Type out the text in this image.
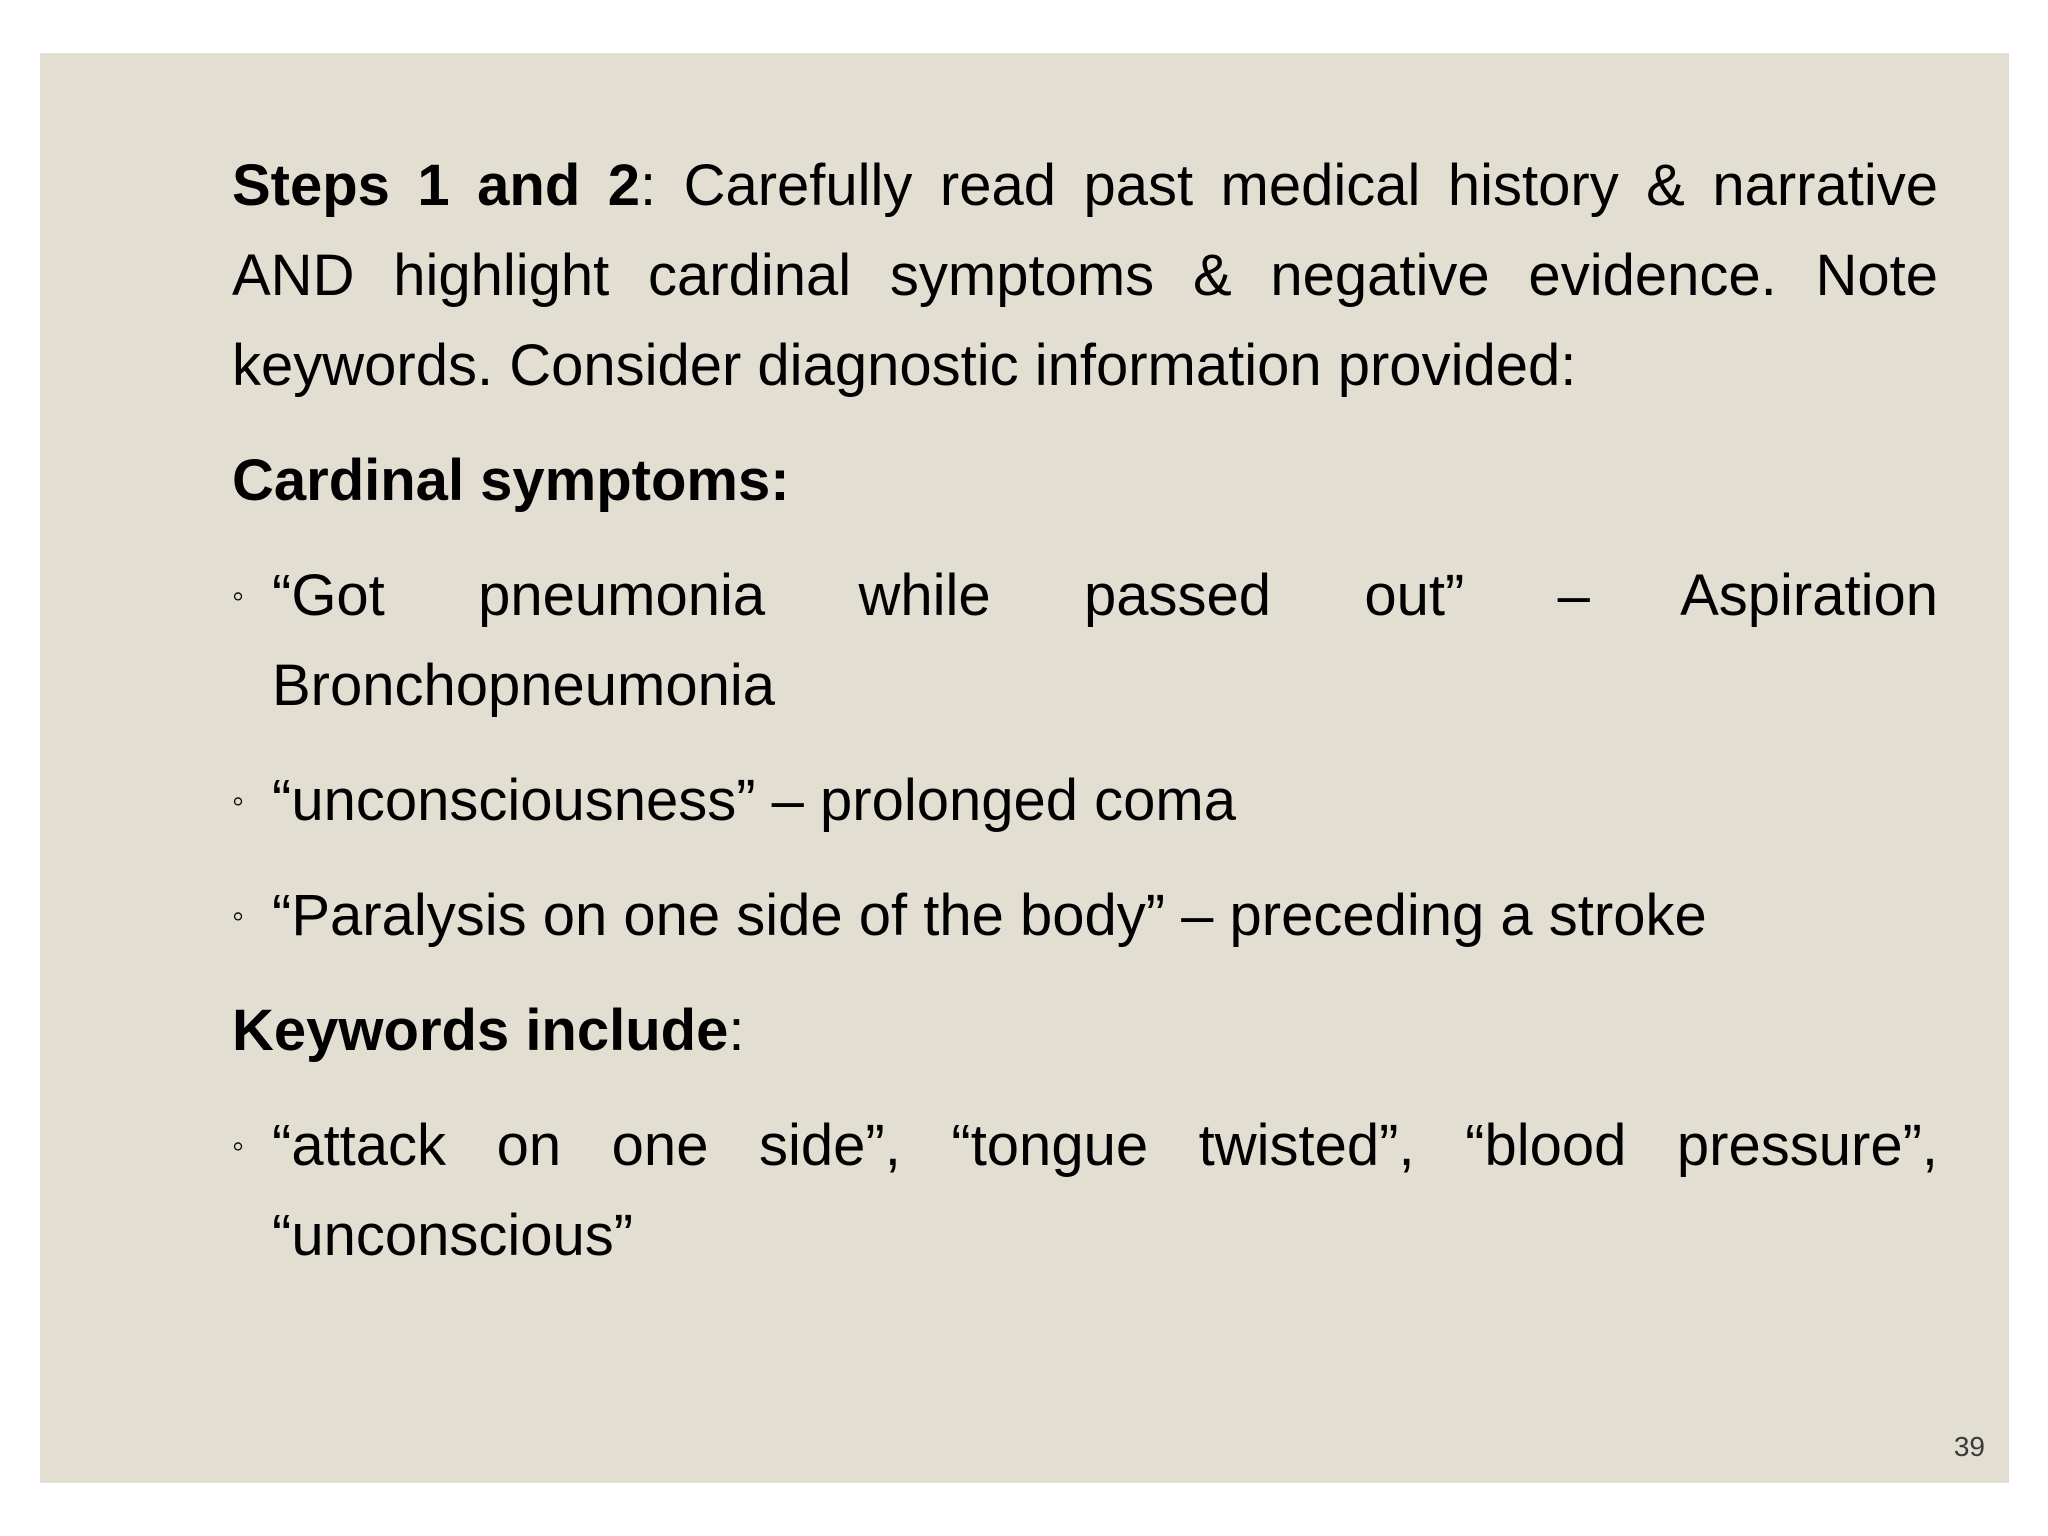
Steps 1 and 2: Carefully read past medical history & narrative AND highlight cardinal symptoms & negative evidence. Note keywords. Consider diagnostic information provided:

Cardinal symptoms:

◦ “Got pneumonia while passed out” – Aspiration Bronchopneumonia
◦ “unconsciousness” – prolonged coma
◦ “Paralysis on one side of the body” – preceding a stroke

Keywords include:

◦ “attack on one side”, “tongue twisted”, “blood pressure”, “unconscious”
39
